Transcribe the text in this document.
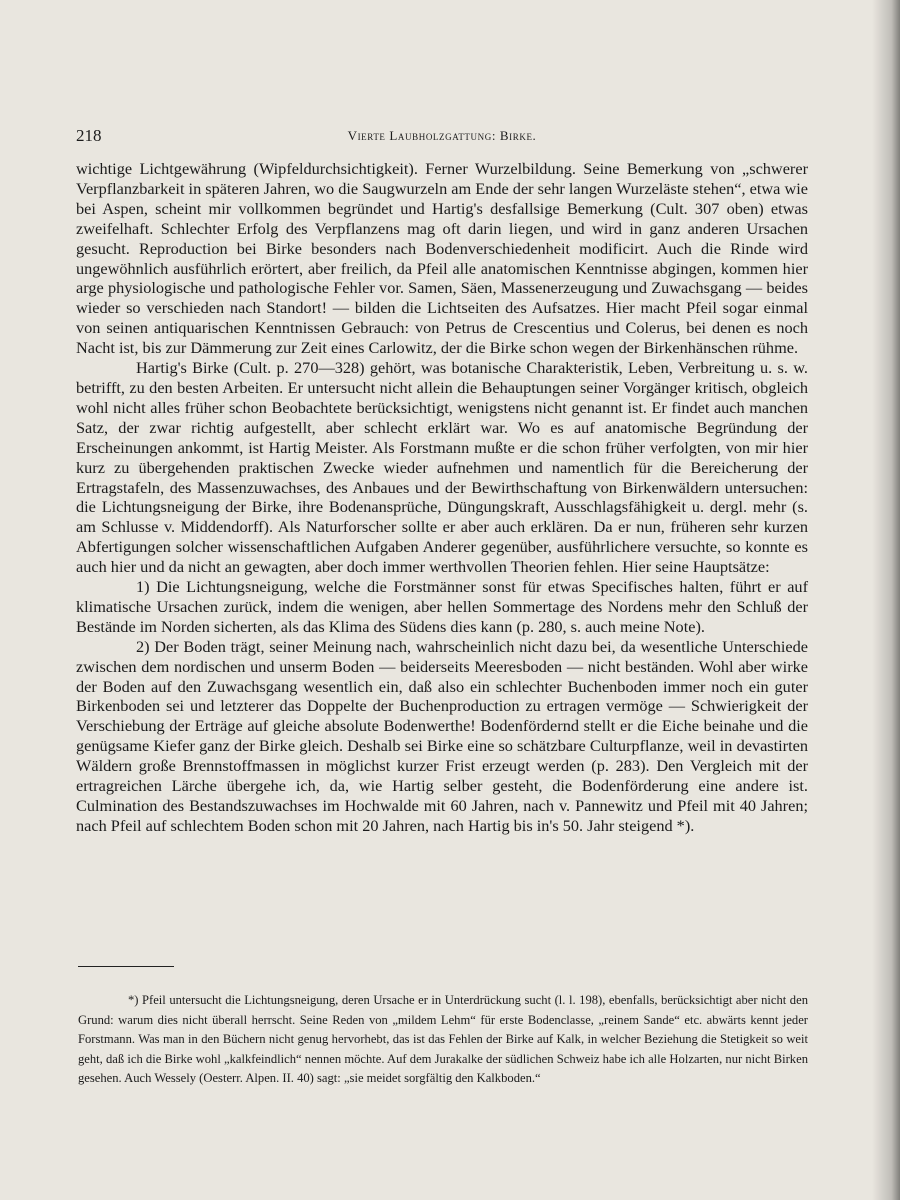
218	Vierte Laubholzgattung: Birke.

wichtige Lichtgewährung (Wipfeldurchsichtigkeit). Ferner Wurzelbildung. Seine Bemerkung von „schwerer Verpflanzbarkeit in späteren Jahren, wo die Saugwurzeln am Ende der sehr langen Wurzeläste stehen“, etwa wie bei Aspen, scheint mir vollkommen begründet und Hartig's desfallsige Bemerkung (Cult. 307 oben) etwas zweifelhaft. Schlechter Erfolg des Verpflanzens mag oft darin liegen, und wird in ganz anderen Ursachen gesucht. Reproduction bei Birke besonders nach Bodenverschiedenheit modificirt. Auch die Rinde wird ungewöhnlich ausführlich erörtert, aber freilich, da Pfeil alle anatomischen Kenntnisse abgingen, kommen hier arge physiologische und pathologische Fehler vor. Samen, Säen, Massenerzeugung und Zuwachsgang — beides wieder so verschieden nach Standort! — bilden die Lichtseiten des Aufsatzes. Hier macht Pfeil sogar einmal von seinen antiquarischen Kenntnissen Gebrauch: von Petrus de Crescentius und Colerus, bei denen es noch Nacht ist, bis zur Dämmerung zur Zeit eines Carlowitz, der die Birke schon wegen der Birkenhänschen rühme.

Hartig's Birke (Cult. p. 270—328) gehört, was botanische Charakteristik, Leben, Verbreitung u. s. w. betrifft, zu den besten Arbeiten. Er untersucht nicht allein die Behauptungen seiner Vorgänger kritisch, obgleich wohl nicht alles früher schon Beobachtete berücksichtigt, wenigstens nicht genannt ist. Er findet auch manchen Satz, der zwar richtig aufgestellt, aber schlecht erklärt war. Wo es auf anatomische Begründung der Erscheinungen ankommt, ist Hartig Meister. Als Forstmann mußte er die schon früher verfolgten, von mir hier kurz zu übergehenden praktischen Zwecke wieder aufnehmen und namentlich für die Bereicherung der Ertragstafeln, des Massenzuwachses, des Anbaues und der Bewirthschaftung von Birkenwäldern untersuchen: die Lichtungsneigung der Birke, ihre Bodenansprüche, Düngungskraft, Ausschlagsfähigkeit u. dergl. mehr (s. am Schlusse v. Middendorff). Als Naturforscher sollte er aber auch erklären. Da er nun, früheren sehr kurzen Abfertigungen solcher wissenschaftlichen Aufgaben Anderer gegenüber, ausführlichere versuchte, so konnte es auch hier und da nicht an gewagten, aber doch immer werthvollen Theorien fehlen. Hier seine Hauptsätze:

1) Die Lichtungsneigung, welche die Forstmänner sonst für etwas Specifisches halten, führt er auf klimatische Ursachen zurück, indem die wenigen, aber hellen Sommertage des Nordens mehr den Schluß der Bestände im Norden sicherten, als das Klima des Südens dies kann (p. 280, s. auch meine Note).

2) Der Boden trägt, seiner Meinung nach, wahrscheinlich nicht dazu bei, da wesentliche Unterschiede zwischen dem nordischen und unserm Boden — beiderseits Meeresboden — nicht beständen. Wohl aber wirke der Boden auf den Zuwachsgang wesentlich ein, daß also ein schlechter Buchenboden immer noch ein guter Birkenboden sei und letzterer das Doppelte der Buchenproduction zu ertragen vermöge — Schwierigkeit der Verschiebung der Erträge auf gleiche absolute Bodenwerthe! Bodenfördernd stellt er die Eiche beinahe und die genügsame Kiefer ganz der Birke gleich. Deshalb sei Birke eine so schätzbare Culturpflanze, weil in devastirten Wäldern große Brennstoffmassen in möglichst kurzer Frist erzeugt werden (p. 283). Den Vergleich mit der ertragreichen Lärche übergehe ich, da, wie Hartig selber gesteht, die Bodenförderung eine andere ist. Culmination des Bestandszuwachses im Hochwalde mit 60 Jahren, nach v. Pannewitz und Pfeil mit 40 Jahren; nach Pfeil auf schlechtem Boden schon mit 20 Jahren, nach Hartig bis in's 50. Jahr steigend *).

*) Pfeil untersucht die Lichtungsneigung, deren Ursache er in Unterdrückung sucht (l. l. 198), ebenfalls, berücksichtigt aber nicht den Grund: warum dies nicht überall herrscht. Seine Reden von „mildem Lehm“ für erste Bodenclasse, „reinem Sande“ etc. abwärts kennt jeder Forstmann. Was man in den Büchern nicht genug hervorhebt, das ist das Fehlen der Birke auf Kalk, in welcher Beziehung die Stetigkeit so weit geht, daß ich die Birke wohl „kalkfeindlich“ nennen möchte. Auf dem Jurakalke der südlichen Schweiz habe ich alle Holzarten, nur nicht Birken gesehen. Auch Wessely (Oesterr. Alpen. II. 40) sagt: „sie meidet sorgfältig den Kalkboden.“
